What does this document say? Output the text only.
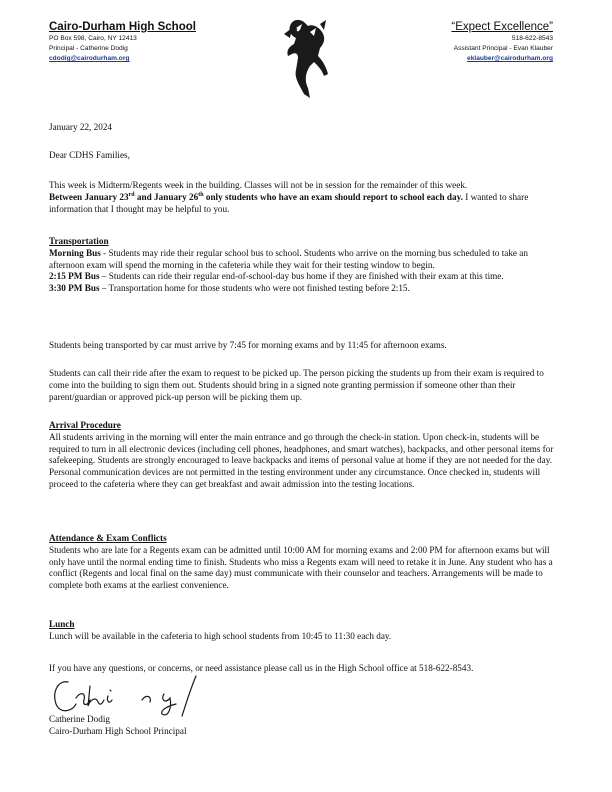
Cairo-Durham High School
PO Box 598, Cairo, NY 12413
Principal - Catherine Dodig
cdodig@cairodurham.org
“Expect Excellence”
518-622-8543
Assistant Principal - Evan Klauber
eklauber@cairodurham.org
January 22, 2024
Dear CDHS Families,
This week is Midterm/Regents week in the building. Classes will not be in session for the remainder of this week.
Between January 23rd and January 26th only students who have an exam should report to school each day. I wanted to share information that I thought may be helpful to you.
Transportation
Morning Bus - Students may ride their regular school bus to school. Students who arrive on the morning bus scheduled to take an afternoon exam will spend the morning in the cafeteria while they wait for their testing window to begin.
2:15 PM Bus – Students can ride their regular end-of-school-day bus home if they are finished with their exam at this time.
3:30 PM Bus – Transportation home for those students who were not finished testing before 2:15.
Students being transported by car must arrive by 7:45 for morning exams and by 11:45 for afternoon exams.
Students can call their ride after the exam to request to be picked up. The person picking the students up from their exam is required to come into the building to sign them out. Students should bring in a signed note granting permission if someone other than their parent/guardian or approved pick-up person will be picking them up.
Arrival Procedure
All students arriving in the morning will enter the main entrance and go through the check-in station. Upon check-in, students will be required to turn in all electronic devices (including cell phones, headphones, and smart watches), backpacks, and other personal items for safekeeping. Students are strongly encouraged to leave backpacks and items of personal value at home if they are not needed for the day. Personal communication devices are not permitted in the testing environment under any circumstance. Once checked in, students will proceed to the cafeteria where they can get breakfast and await admission into the testing locations.
Attendance & Exam Conflicts
Students who are late for a Regents exam can be admitted until 10:00 AM for morning exams and 2:00 PM for afternoon exams but will only have until the normal ending time to finish. Students who miss a Regents exam will need to retake it in June. Any student who has a conflict (Regents and local final on the same day) must communicate with their counselor and teachers. Arrangements will be made to complete both exams at the earliest convenience.
Lunch
Lunch will be available in the cafeteria to high school students from 10:45 to 11:30 each day.
If you have any questions, or concerns, or need assistance please call us in the High School office at 518-622-8543.
Catherine Dodig
Cairo-Durham High School Principal
